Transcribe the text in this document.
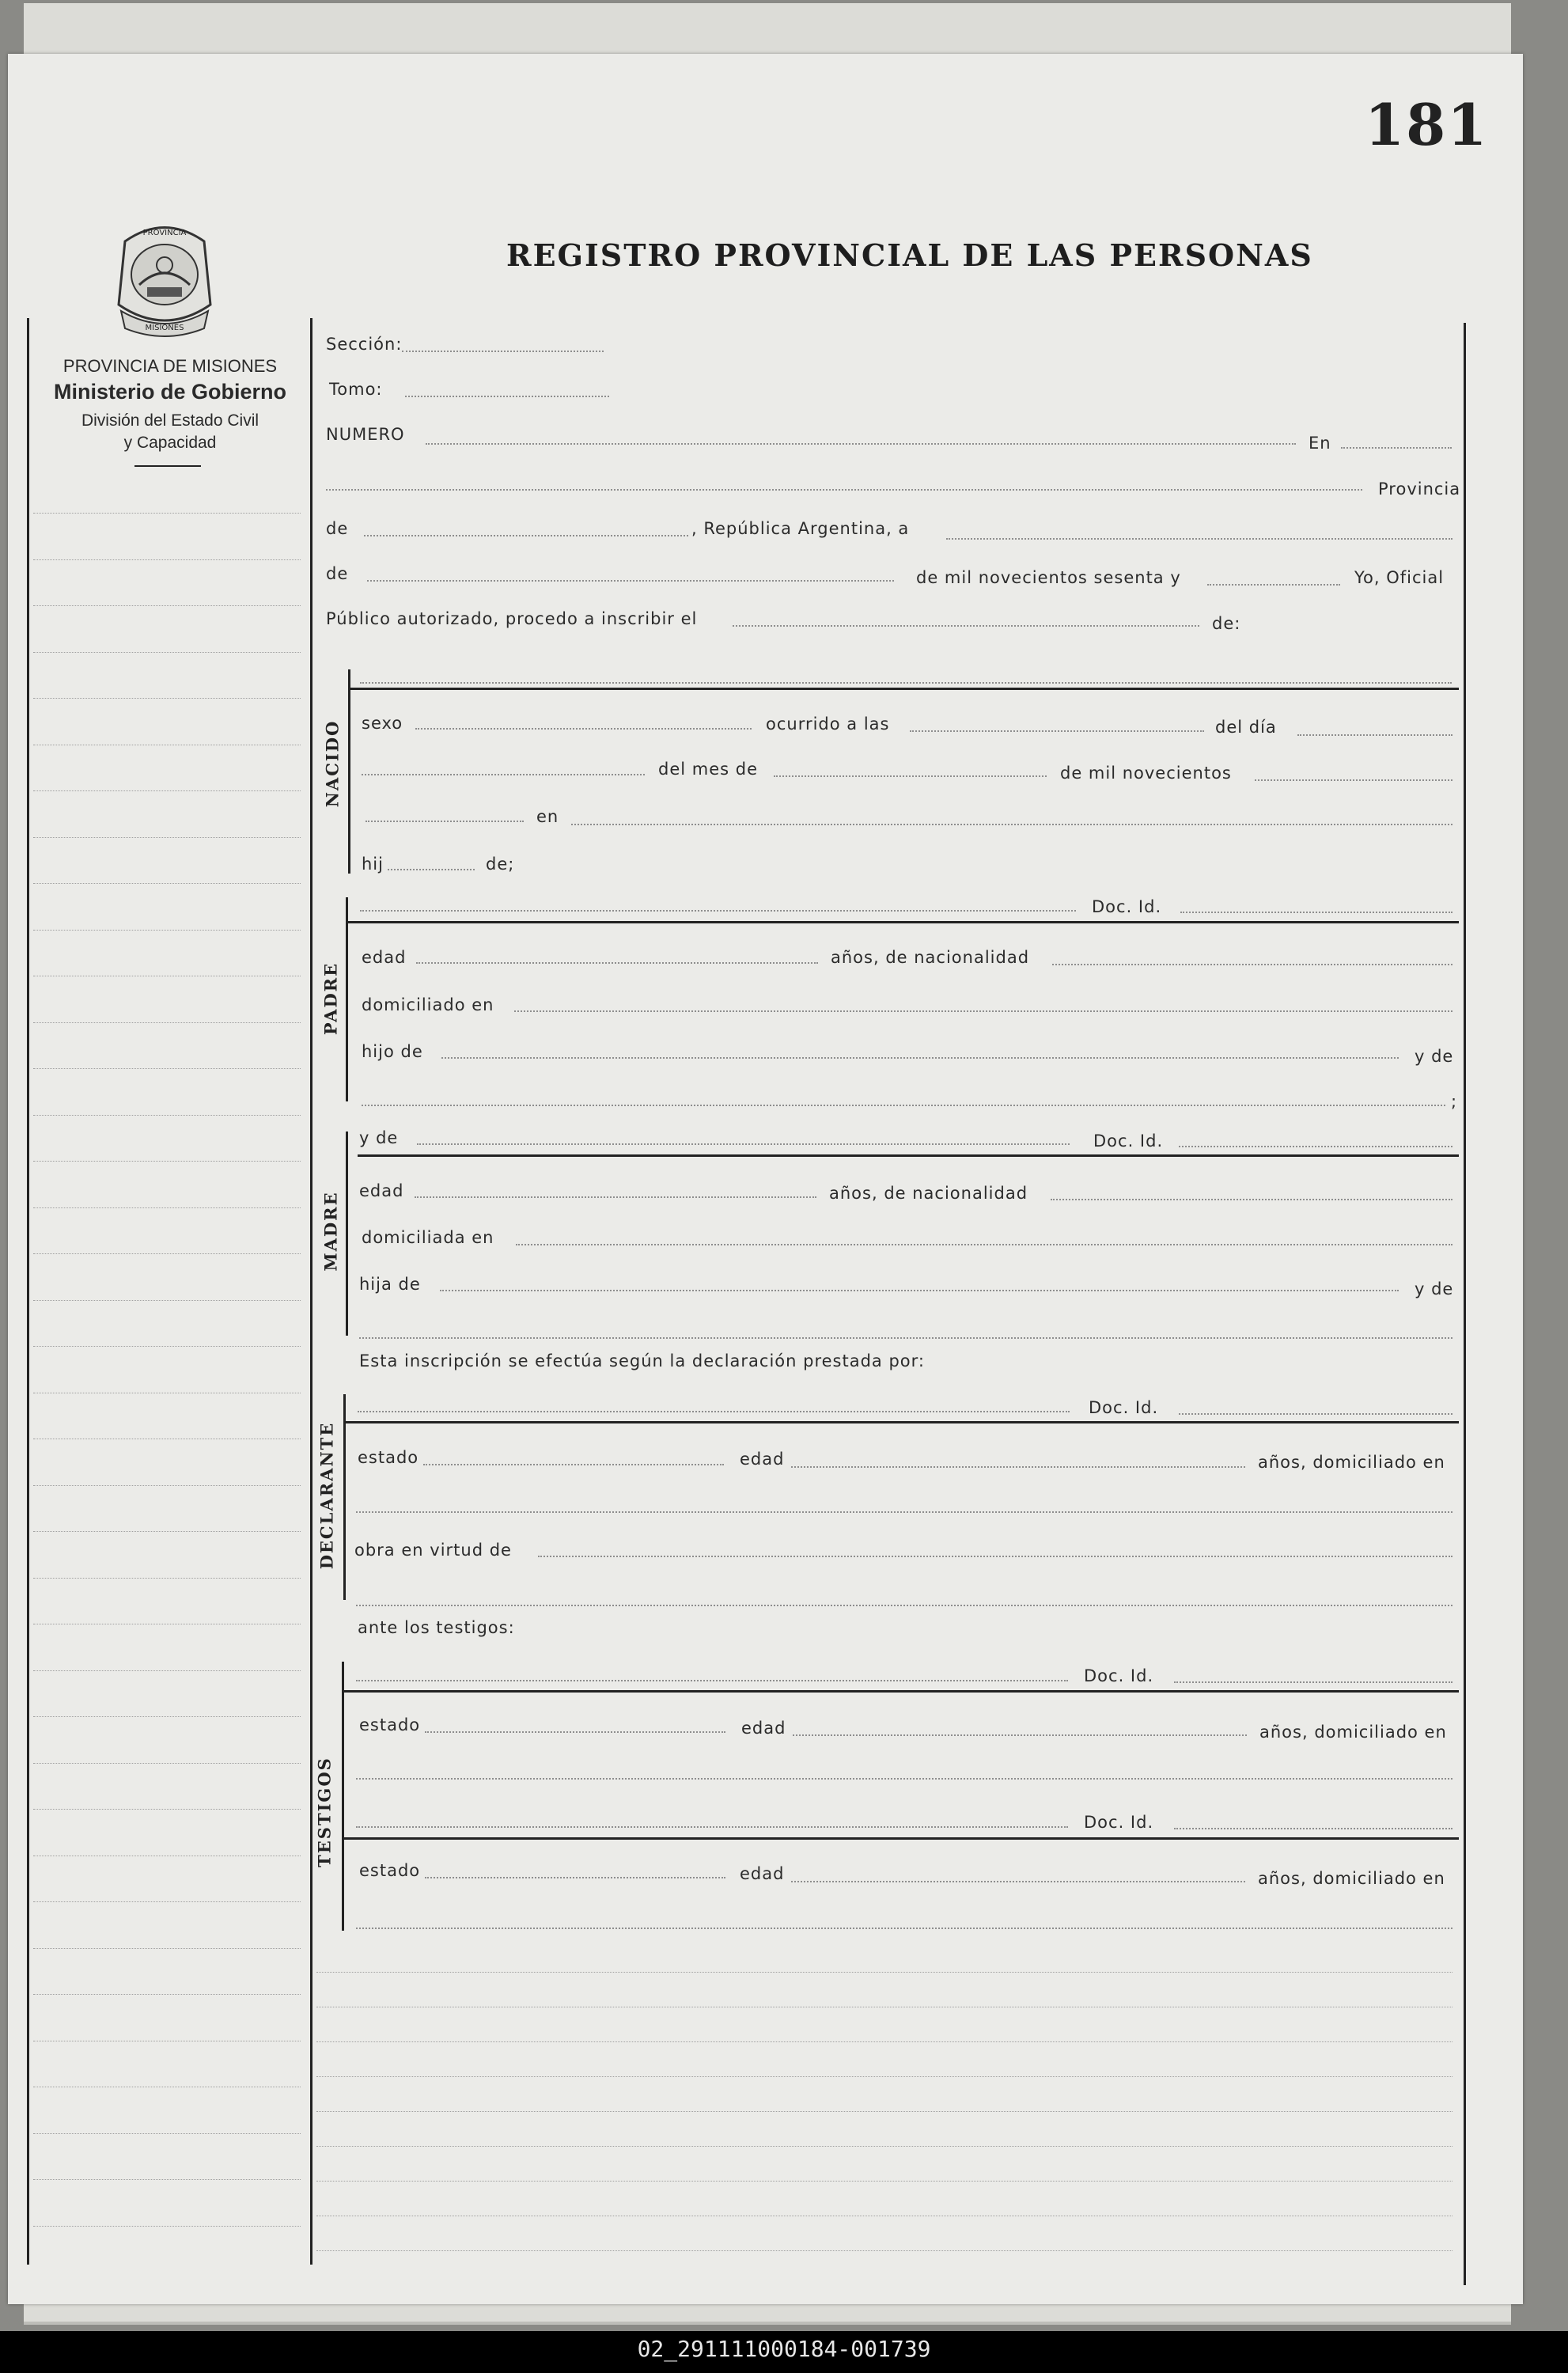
181
REGISTRO PROVINCIAL DE LAS PERSONAS
PROVINCIA
MISIONES
PROVINCIA DE MISIONES
Ministerio de Gobierno
División del Estado Civil
y Capacidad
Sección:
Tomo:
NUMERO	En
Provincia
de	, República Argentina, a
de	de mil novecientos sesenta y	Yo, Oficial
Público autorizado, procedo a inscribir el	de:
NACIDO sexo	ocurrido a las	del día
del mes de	de mil novecientos
en
hij	de;
PADRE
Doc. Id.
edad	años, de nacionalidad
domiciliado en
hijo de	y de
;
MADRE
y de	Doc. Id.
edad	años, de nacionalidad
domiciliada en
hija de	y de
Esta inscripción se efectúa según la declaración prestada por:
DECLARANTE
Doc. Id.
estado	edad	años, domiciliado en
obra en virtud de
ante los testigos:
TESTIGOS
Doc. Id.
estado	edad	años, domiciliado en
Doc. Id.
estado	edad	años, domiciliado en
02_291111000184-001739
